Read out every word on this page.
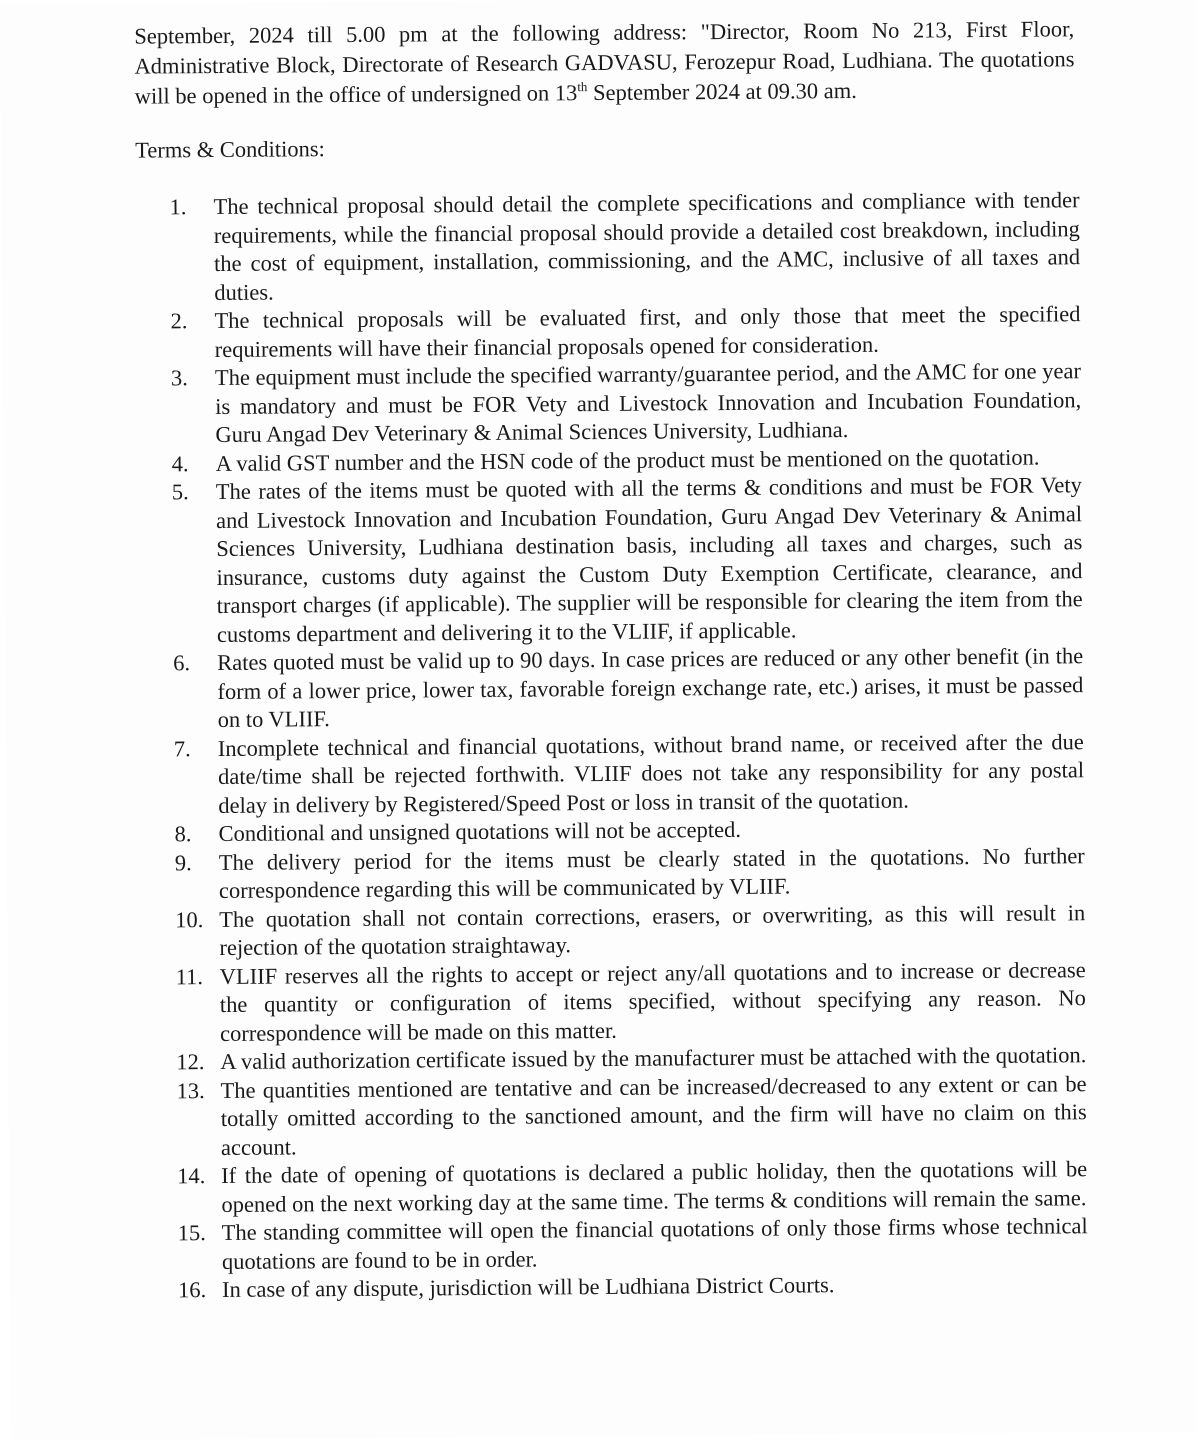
September, 2024 till 5.00 pm at the following address: "Director, Room No 213, First Floor, Administrative Block, Directorate of Research GADVASU, Ferozepur Road, Ludhiana. The quotations will be opened in the office of undersigned on 13th September 2024 at 09.30 am.

Terms & Conditions:
1.	The technical proposal should detail the complete specifications and compliance with tender requirements, while the financial proposal should provide a detailed cost breakdown, including the cost of equipment, installation, commissioning, and the AMC, inclusive of all taxes and duties.
2.	The technical proposals will be evaluated first, and only those that meet the specified requirements will have their financial proposals opened for consideration.
3.	The equipment must include the specified warranty/guarantee period, and the AMC for one year is mandatory and must be FOR Vety and Livestock Innovation and Incubation Foundation, Guru Angad Dev Veterinary & Animal Sciences University, Ludhiana.
4.	A valid GST number and the HSN code of the product must be mentioned on the quotation.
5.	The rates of the items must be quoted with all the terms & conditions and must be FOR Vety and Livestock Innovation and Incubation Foundation, Guru Angad Dev Veterinary & Animal Sciences University, Ludhiana destination basis, including all taxes and charges, such as insurance, customs duty against the Custom Duty Exemption Certificate, clearance, and transport charges (if applicable). The supplier will be responsible for clearing the item from the customs department and delivering it to the VLIIF, if applicable.
6.	Rates quoted must be valid up to 90 days. In case prices are reduced or any other benefit (in the form of a lower price, lower tax, favorable foreign exchange rate, etc.) arises, it must be passed on to VLIIF.
7.	Incomplete technical and financial quotations, without brand name, or received after the due date/time shall be rejected forthwith. VLIIF does not take any responsibility for any postal delay in delivery by Registered/Speed Post or loss in transit of the quotation.
8.	Conditional and unsigned quotations will not be accepted.
9.	The delivery period for the items must be clearly stated in the quotations. No further correspondence regarding this will be communicated by VLIIF.
10. The quotation shall not contain corrections, erasers, or overwriting, as this will result in rejection of the quotation straightaway.
11. VLIIF reserves all the rights to accept or reject any/all quotations and to increase or decrease the quantity or configuration of items specified, without specifying any reason. No correspondence will be made on this matter.
12. A valid authorization certificate issued by the manufacturer must be attached with the quotation.
13. The quantities mentioned are tentative and can be increased/decreased to any extent or can be totally omitted according to the sanctioned amount, and the firm will have no claim on this account.
14. If the date of opening of quotations is declared a public holiday, then the quotations will be opened on the next working day at the same time. The terms & conditions will remain the same.
15. The standing committee will open the financial quotations of only those firms whose technical quotations are found to be in order.
16. In case of any dispute, jurisdiction will be Ludhiana District Courts.
